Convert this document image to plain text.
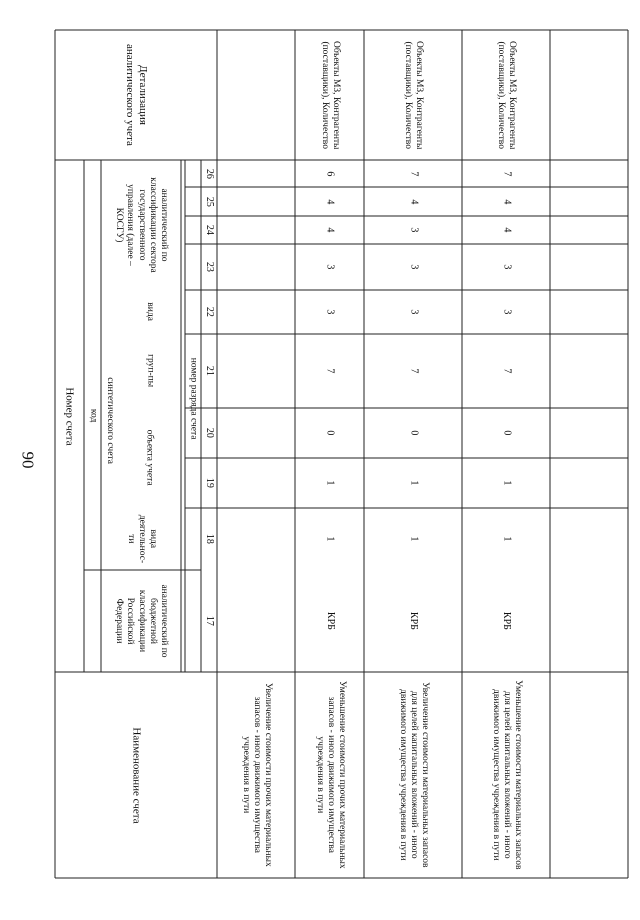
90
Наименование счета
Номер счета код
аналитический по бюджетной классификации Российской Федерации
вида деятельнос-ти
синтетического счета	объекта учета
груп-пы
вида
аналитический по классификации сектора государственного управления (далее – КОСГУ)
номер разряда счета
Детализация аналитического учета
17
18
19
20
21
22
23
24
25
26
Увеличение стоимости прочих материальных запасов - иного движимого имущества учреждения в пути	Уменьшение стоимости прочих материальных запасов - иного движимого имущества учреждения в пути
КРБ
1
1
0
7
3
3
4
4
6
Объекты МЗ, Контрагенты (поставщики), Количество
Увеличение стоимости материальных запасов для целей капитальных вложений - иного движимого имущества учреждения в пути
КРБ
1
1
0
7
3
3
3
4
7
Объекты МЗ, Контрагенты (поставщики), Количество
Уменьшение стоимости материальных запасов для целей капитальных вложений - иного движимого имущества учреждения в пути
КРБ
1
1
0
7
3
3
4
4
7
Объекты МЗ, Контрагенты (поставщики), Количество
